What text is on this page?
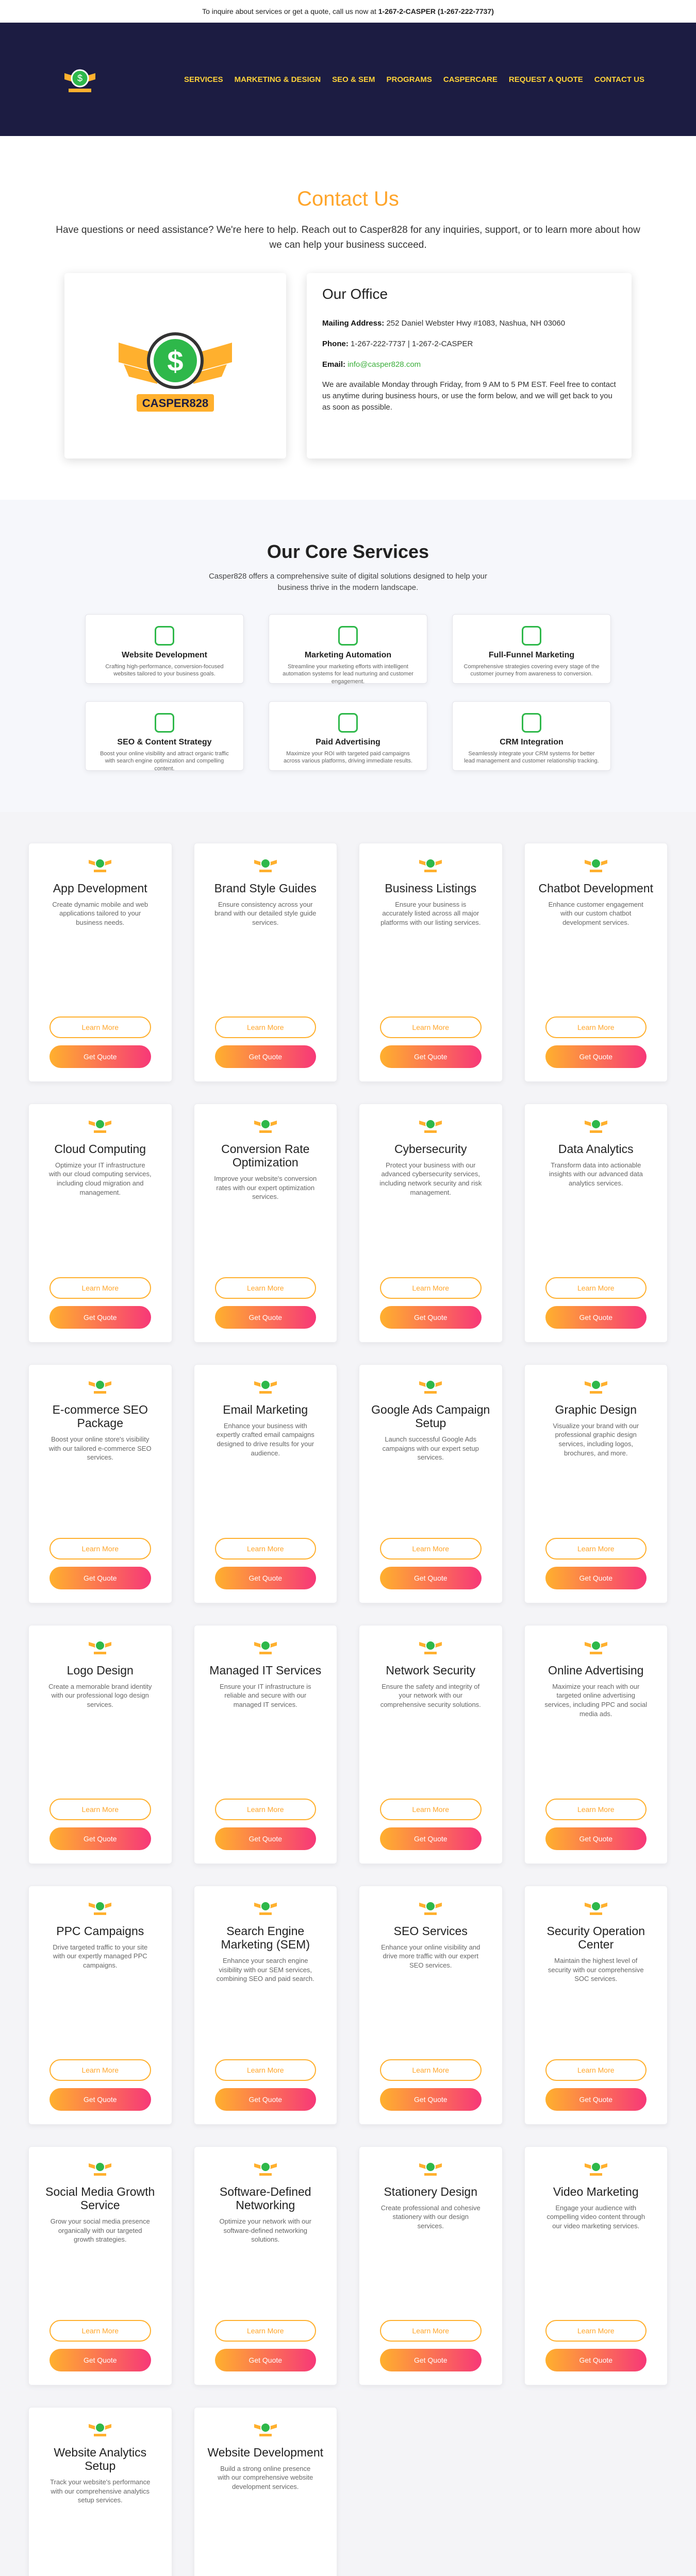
To inquire about services or get a quote, call us now at
1-267-2-CASPER (1-267-222-7737)
$	SERVICES MARKETING & DESIGN SEO & SEM PROGRAMS CASPERCARE REQUEST A QUOTE CONTACT US
Contact Us

Have questions or need assistance? We're here to help. Reach out to Casper828 for any inquiries, support, or to learn more about how we can help your business succeed.

$
CASPER828
Our Office

Mailing Address: 252 Daniel Webster Hwy #1083, Nashua, NH 03060

Phone: 1-267-222-7737 | 1-267-2-CASPER

Email: info@casper828.com

We are available Monday through Friday, from 9 AM to 5 PM EST. Feel free to contact us anytime during business hours, or use the form below, and we will get back to you as soon as possible.

Our Core Services

Casper828 offers a comprehensive suite of digital solutions designed to help your business thrive in the modern landscape.

Website Development

Crafting high-performance, conversion-focused websites tailored to your business goals.

Marketing Automation

Streamline your marketing efforts with intelligent automation systems for lead nurturing and customer engagement.

Full-Funnel Marketing

Comprehensive strategies covering every stage of the customer journey from awareness to conversion.

SEO & Content Strategy

Boost your online visibility and attract organic traffic with search engine optimization and compelling content.

Paid Advertising

Maximize your ROI with targeted paid campaigns across various platforms, driving immediate results.

CRM Integration

Seamlessly integrate your CRM systems for better lead management and customer relationship tracking.

App Development

Create dynamic mobile and web applications tailored to your business needs.

Learn More
Get Quote
Brand Style Guides

Ensure consistency across your brand with our detailed style guide services.

Learn More
Get Quote
Business Listings

Ensure your business is accurately listed across all major platforms with our listing services.

Learn More
Get Quote
Chatbot Development

Enhance customer engagement with our custom chatbot development services.

Learn More
Get Quote
Cloud Computing

Optimize your IT infrastructure with our cloud computing services, including cloud migration and management.

Learn More
Get Quote
Conversion Rate Optimization

Improve your website's conversion rates with our expert optimization services.

Learn More
Get Quote
Cybersecurity

Protect your business with our advanced cybersecurity services, including network security and risk management.

Learn More
Get Quote
Data Analytics

Transform data into actionable insights with our advanced data analytics services.

Learn More
Get Quote
E-commerce SEO Package

Boost your online store's visibility with our tailored e-commerce SEO services.

Learn More
Get Quote
Email Marketing

Enhance your business with expertly crafted email campaigns designed to drive results for your audience.

Learn More
Get Quote
Google Ads Campaign Setup

Launch successful Google Ads campaigns with our expert setup services.

Learn More
Get Quote
Graphic Design

Visualize your brand with our professional graphic design services, including logos, brochures, and more.

Learn More
Get Quote
Logo Design

Create a memorable brand identity with our professional logo design services.

Learn More
Get Quote
Managed IT Services

Ensure your IT infrastructure is reliable and secure with our managed IT services.

Learn More
Get Quote
Network Security

Ensure the safety and integrity of your network with our comprehensive security solutions.

Learn More
Get Quote
Online Advertising

Maximize your reach with our targeted online advertising services, including PPC and social media ads.

Learn More
Get Quote
PPC Campaigns

Drive targeted traffic to your site with our expertly managed PPC campaigns.

Learn More
Get Quote
Search Engine Marketing (SEM)

Enhance your search engine visibility with our SEM services, combining SEO and paid search.

Learn More
Get Quote
SEO Services

Enhance your online visibility and drive more traffic with our expert SEO services.

Learn More
Get Quote
Security Operation Center

Maintain the highest level of security with our comprehensive SOC services.

Learn More
Get Quote
Social Media Growth Service

Grow your social media presence organically with our targeted growth strategies.

Learn More
Get Quote
Software-Defined Networking

Optimize your network with our software-defined networking solutions.

Learn More
Get Quote
Stationery Design

Create professional and cohesive stationery with our design services.

Learn More
Get Quote
Video Marketing

Engage your audience with compelling video content through our video marketing services.

Learn More
Get Quote
Website Analytics Setup

Track your website's performance with our comprehensive analytics setup services.

Website Development

Build a strong online presence with our comprehensive website development services.
